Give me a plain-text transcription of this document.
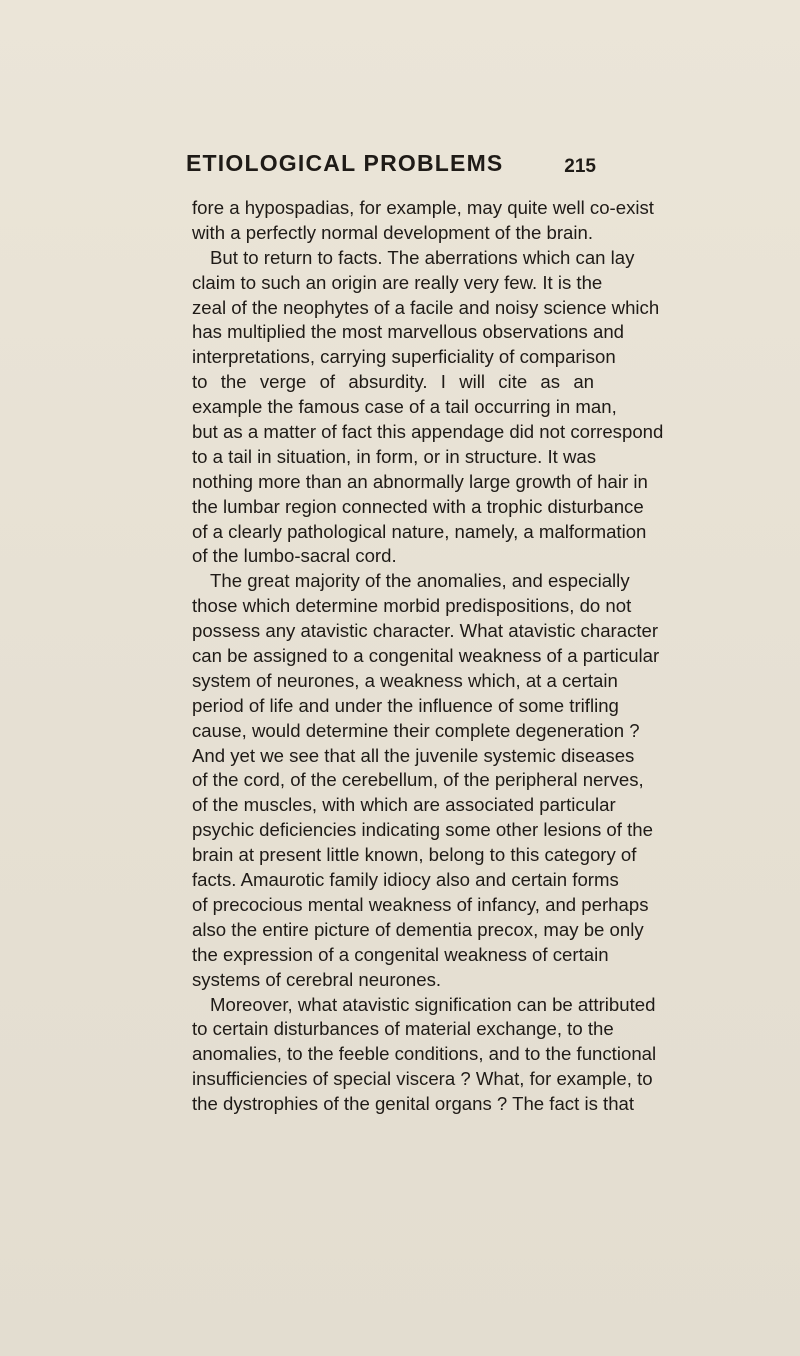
ETIOLOGICAL PROBLEMS	215
fore a hypospadias, for example, may quite well co-exist
with a perfectly normal development of the brain.
But to return to facts. The aberrations which can lay
claim to such an origin are really very few. It is the
zeal of the neophytes of a facile and noisy science which
has multiplied the most marvellous observations and
interpretations, carrying superficiality of comparison
to the verge of absurdity. I will cite as an
example the famous case of a tail occurring in man,
but as a matter of fact this appendage did not correspond
to a tail in situation, in form, or in structure. It was
nothing more than an abnormally large growth of hair in
the lumbar region connected with a trophic disturbance
of a clearly pathological nature, namely, a malformation
of the lumbo-sacral cord.
The great majority of the anomalies, and especially
those which determine morbid predispositions, do not
possess any atavistic character. What atavistic character
can be assigned to a congenital weakness of a particular
system of neurones, a weakness which, at a certain
period of life and under the influence of some trifling
cause, would determine their complete degeneration ?
And yet we see that all the juvenile systemic diseases
of the cord, of the cerebellum, of the peripheral nerves,
of the muscles, with which are associated particular
psychic deficiencies indicating some other lesions of the
brain at present little known, belong to this category of
facts. Amaurotic family idiocy also and certain forms
of precocious mental weakness of infancy, and perhaps
also the entire picture of dementia precox, may be only
the expression of a congenital weakness of certain
systems of cerebral neurones.
Moreover, what atavistic signification can be attributed
to certain disturbances of material exchange, to the
anomalies, to the feeble conditions, and to the functional
insufficiencies of special viscera ? What, for example, to
the dystrophies of the genital organs ? The fact is that
